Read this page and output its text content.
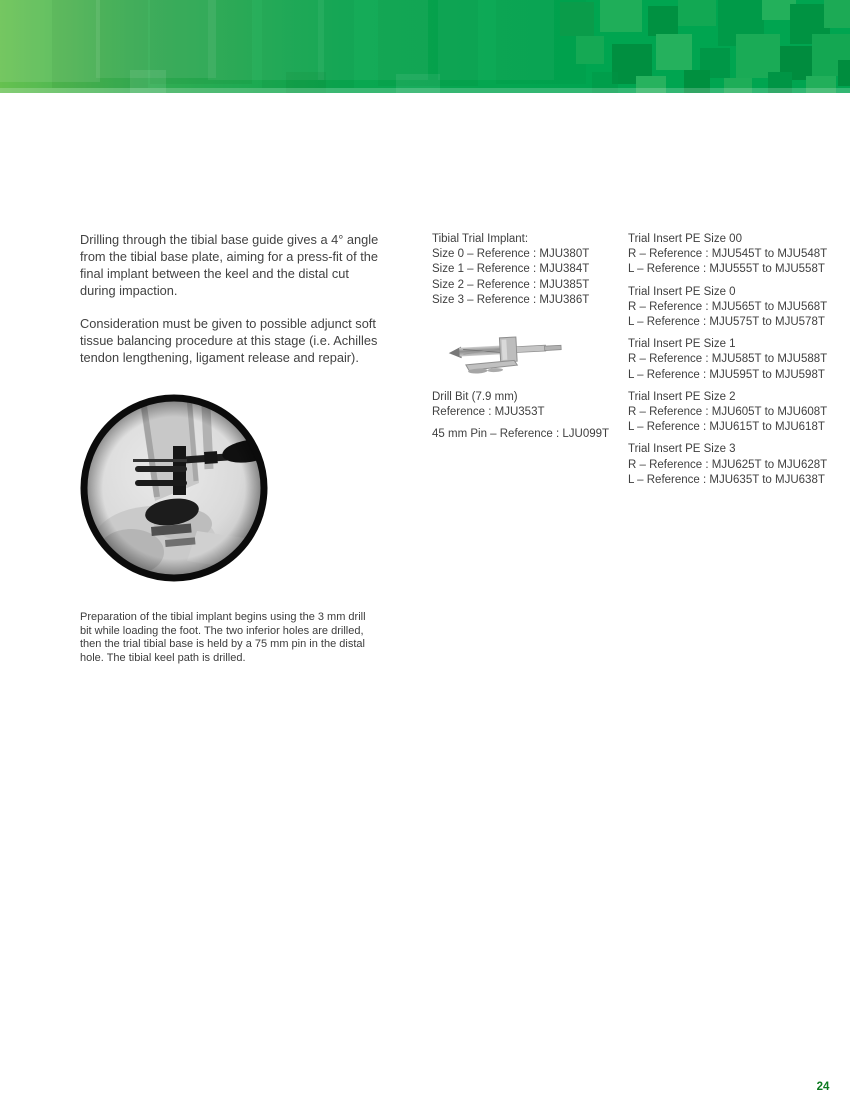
Drilling through the tibial base guide gives a 4° angle from the tibial base plate, aiming for a press-fit of the final implant between the keel and the distal cut during impaction.

Consideration must be given to possible adjunct soft tissue balancing procedure at this stage (i.e. Achilles tendon lengthening, ligament release and repair).

Preparation of the tibial implant begins using the 3 mm drill bit while loading the foot. The two inferior holes are drilled, then the trial tibial base is held by a 75 mm pin in the distal hole. The tibial keel path is drilled.

Tibial Trial Implant:
Size 0 – Reference : MJU380T
Size 1 – Reference : MJU384T
Size 2 – Reference : MJU385T
Size 3 – Reference : MJU386T
Drill Bit (7.9 mm)
Reference : MJU353T
45 mm Pin – Reference : LJU099T
Trial Insert PE Size 00
R – Reference : MJU545T to MJU548T
L – Reference : MJU555T to MJU558T
Trial Insert PE Size 0
R – Reference : MJU565T to MJU568T
L – Reference : MJU575T to MJU578T
Trial Insert PE Size 1
R – Reference : MJU585T to MJU588T
L – Reference : MJU595T to MJU598T
Trial Insert PE Size 2
R – Reference : MJU605T to MJU608T
L – Reference : MJU615T to MJU618T
Trial Insert PE Size 3
R – Reference : MJU625T to MJU628T
L – Reference : MJU635T to MJU638T
24
